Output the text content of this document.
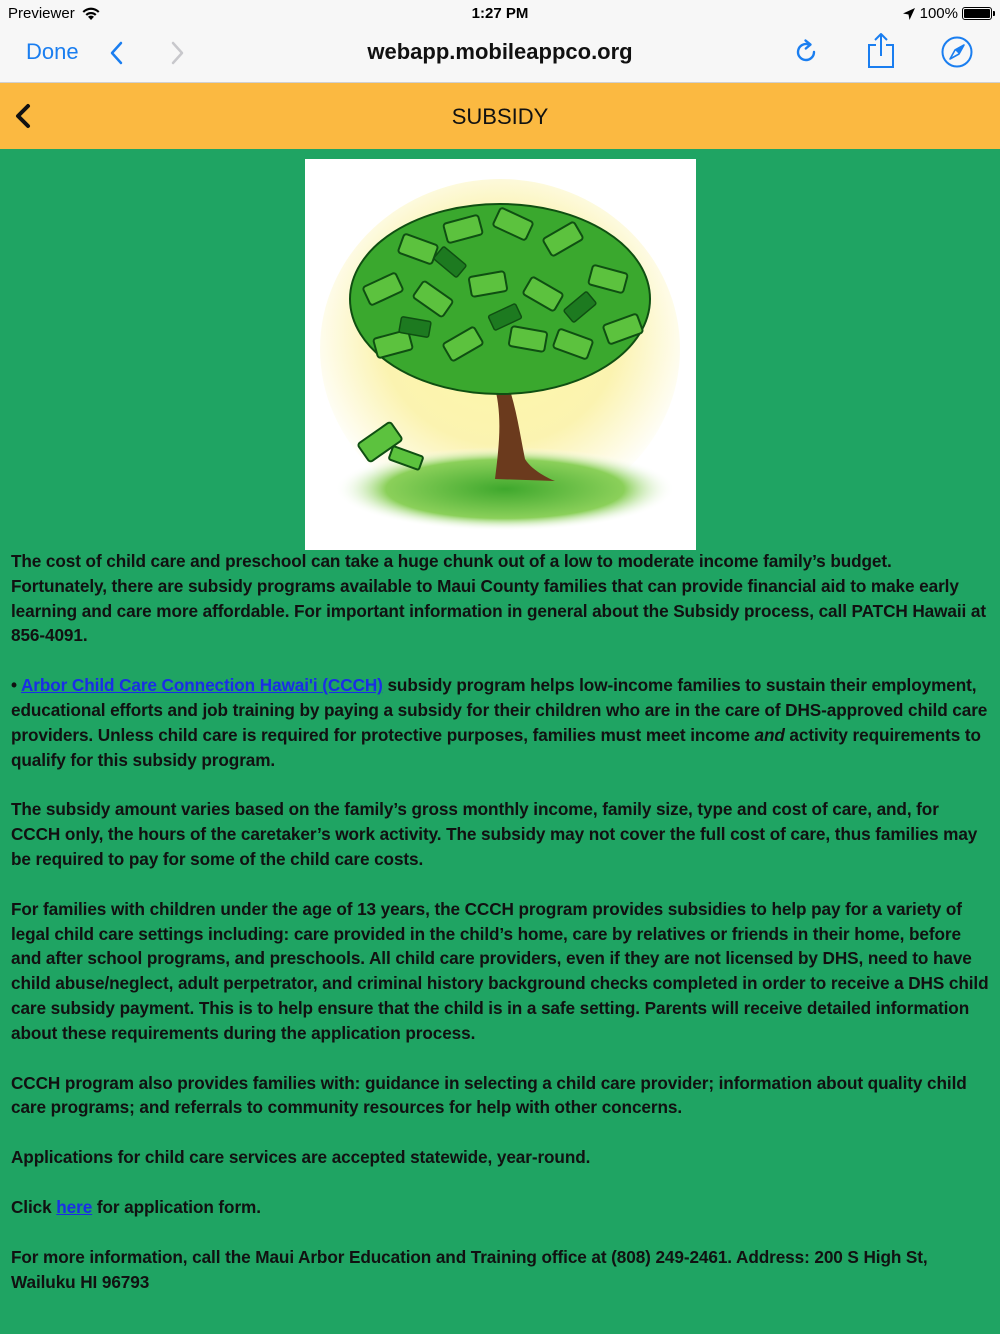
Previewer	1:27 PM	100%
Done	webapp.mobileappco.org
SUBSIDY

The cost of child care and preschool can take a huge chunk out of a low to moderate income family’s budget. Fortunately, there are subsidy programs available to Maui County families that can provide financial aid to make early learning and care more affordable. For important information in general about the Subsidy process, call PATCH Hawaii at 856-4091.

• Arbor Child Care Connection Hawai'i (CCCH) subsidy program helps low-income families to sustain their employment, educational efforts and job training by paying a subsidy for their children who are in the care of DHS-approved child care providers. Unless child care is required for protective purposes, families must meet income and activity requirements to qualify for this subsidy program.

The subsidy amount varies based on the family’s gross monthly income, family size, type and cost of care, and, for CCCH only, the hours of the caretaker’s work activity. The subsidy may not cover the full cost of care, thus families may be required to pay for some of the child care costs.

For families with children under the age of 13 years, the CCCH program provides subsidies to help pay for a variety of legal child care settings including: care provided in the child’s home, care by relatives or friends in their home, before and after school programs, and preschools. All child care providers, even if they are not licensed by DHS, need to have child abuse/neglect, adult perpetrator, and criminal history background checks completed in order to receive a DHS child care subsidy payment. This is to help ensure that the child is in a safe setting. Parents will receive detailed information about these requirements during the application process.

CCCH program also provides families with: guidance in selecting a child care provider; information about quality child care programs; and referrals to community resources for help with other concerns.

Applications for child care services are accepted statewide, year-round.

Click here for application form.

For more information, call the Maui Arbor Education and Training office at (808) 249-2461. Address: 200 S High St, Wailuku HI 96793
